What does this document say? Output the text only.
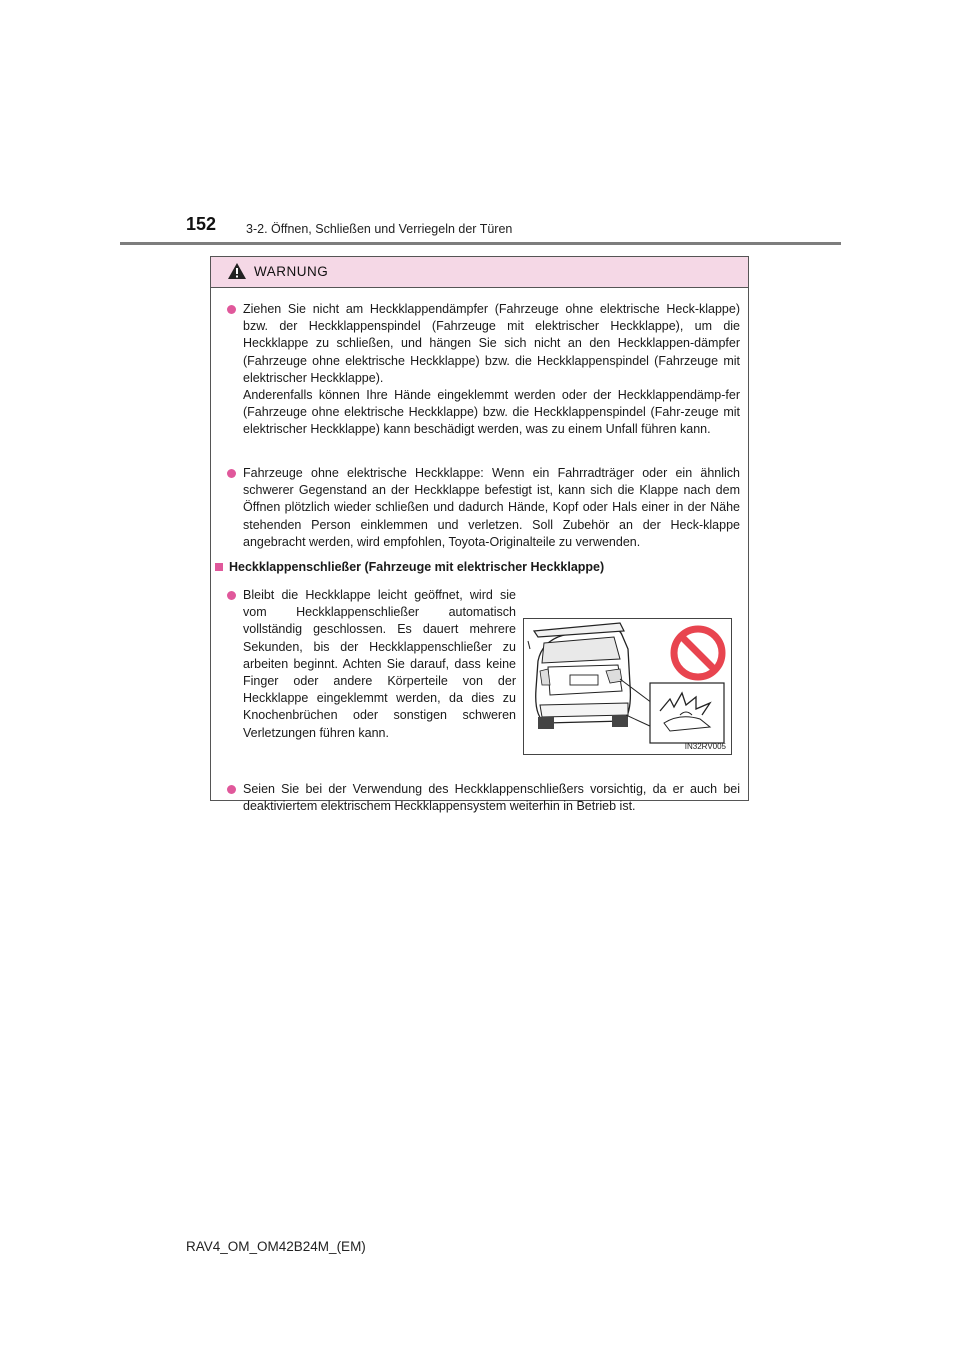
152 3-2. Öffnen, Schließen und Verriegeln der Türen
WARNUNG

Ziehen Sie nicht am Heckklappendämpfer (Fahrzeuge ohne elektrische Heck-klappe) bzw. der Heckklappenspindel (Fahrzeuge mit elektrischer Heckklappe), um die Heckklappe zu schließen, und hängen Sie sich nicht an den Heckklappen-dämpfer (Fahrzeuge ohne elektrische Heckklappe) bzw. die Heckklappenspindel (Fahrzeuge mit elektrischer Heckklappe).

Anderenfalls können Ihre Hände eingeklemmt werden oder der Heckklappendämp-fer (Fahrzeuge ohne elektrische Heckklappe) bzw. die Heckklappenspindel (Fahr-zeuge mit elektrischer Heckklappe) kann beschädigt werden, was zu einem Unfall führen kann.

Fahrzeuge ohne elektrische Heckklappe: Wenn ein Fahrradträger oder ein ähnlich schwerer Gegenstand an der Heckklappe befestigt ist, kann sich die Klappe nach dem Öffnen plötzlich wieder schließen und dadurch Hände, Kopf oder Hals einer in der Nähe stehenden Person einklemmen und verletzen. Soll Zubehör an der Heck-klappe angebracht werden, wird empfohlen, Toyota-Originalteile zu verwenden.

Heckklappenschließer (Fahrzeuge mit elektrischer Heckklappe)

Bleibt die Heckklappe leicht geöffnet, wird sie vom Heckklappenschließer automatisch vollständig geschlossen. Es dauert mehrere Sekunden, bis der Heckklappenschließer zu arbeiten beginnt. Achten Sie darauf, dass keine Finger oder andere Körperteile von der Heckklappe eingeklemmt werden, da dies zu Knochenbrüchen oder sonstigen schweren Verletzungen führen kann.

IN32RV005

Seien Sie bei der Verwendung des Heckklappenschließers vorsichtig, da er auch bei deaktiviertem elektrischem Heckklappensystem weiterhin in Betrieb ist.

RAV4_OM_OM42B24M_(EM)
